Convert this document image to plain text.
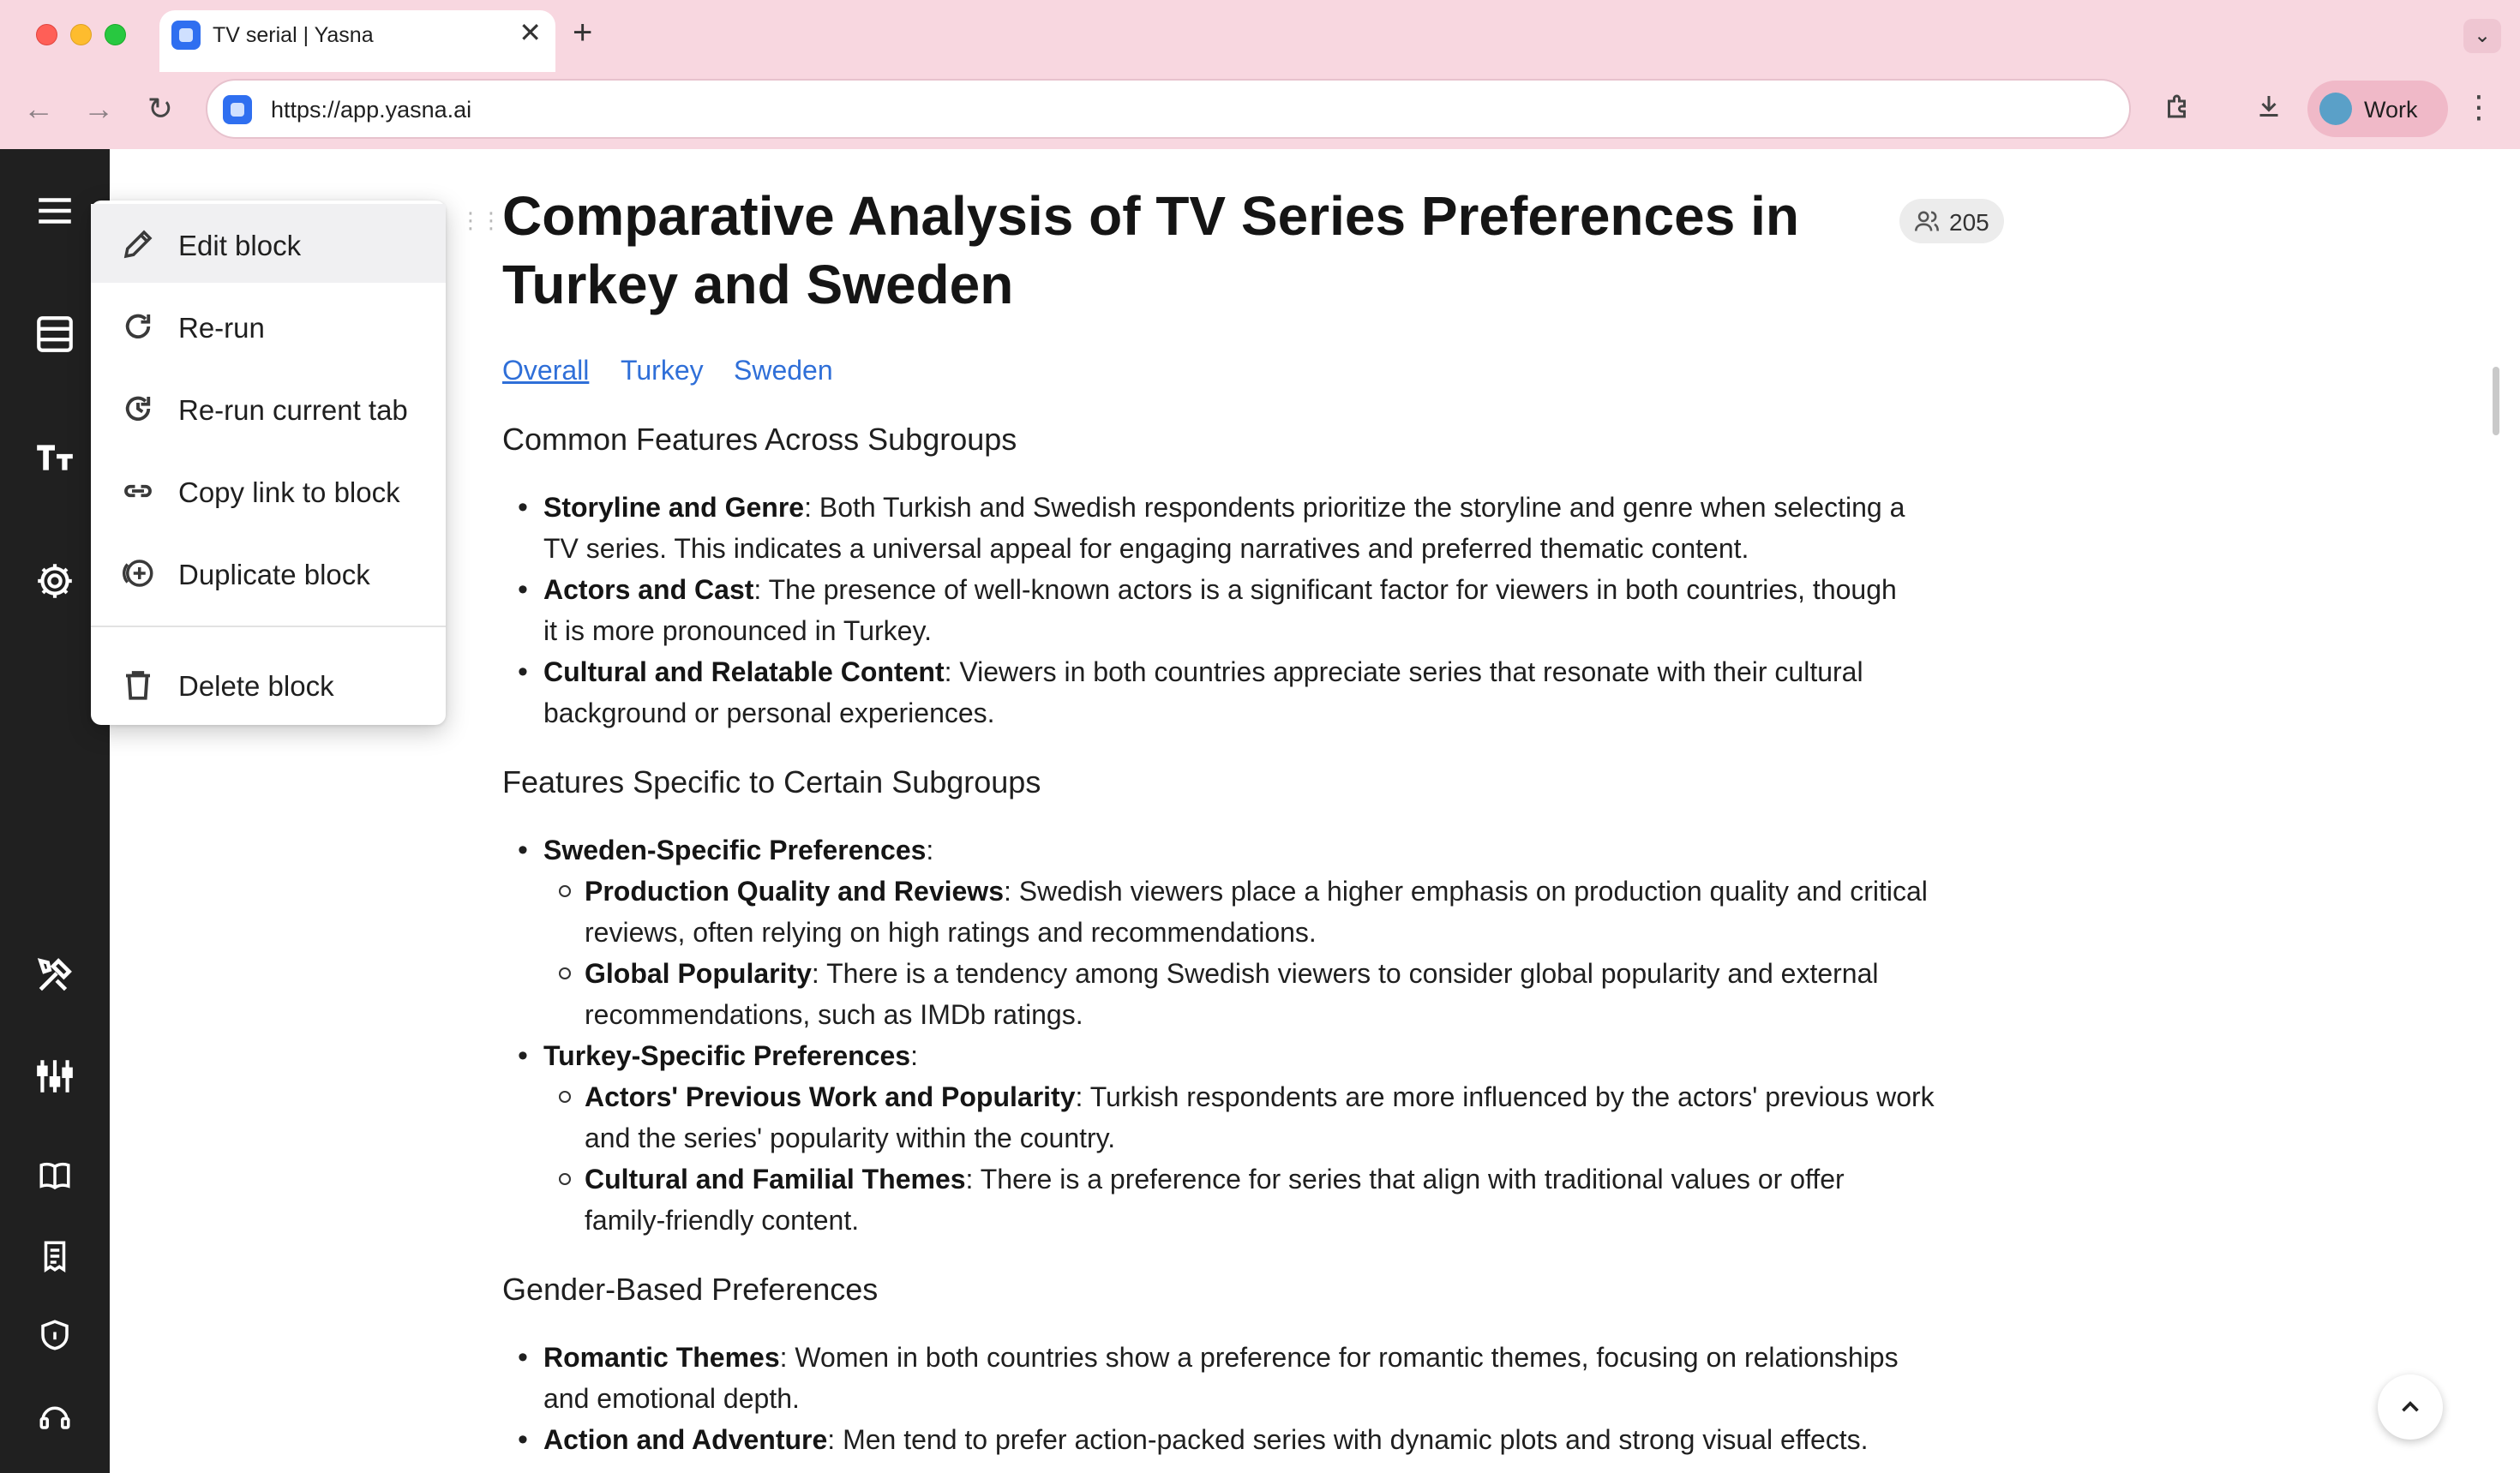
TV serial | Yasna	✕ +	⌄
← → ↻	https://app.yasna.ai	Work ⋮
⋮⋮
Edit block
Re-run
Re-run current tab
Copy link to block
Duplicate block
Delete block
Comparative Analysis of TV Series Preferences in Turkey and Sweden
205
Overall Turkey Sweden
Common Features Across Subgroups
• Storyline and Genre: Both Turkish and Swedish respondents prioritize the storyline and genre when selecting a
TV series. This indicates a universal appeal for engaging narratives and preferred thematic content.
• Actors and Cast: The presence of well-known actors is a significant factor for viewers in both countries, though
it is more pronounced in Turkey.
• Cultural and Relatable Content: Viewers in both countries appreciate series that resonate with their cultural
background or personal experiences.
Features Specific to Certain Subgroups
• Sweden-Specific Preferences:
Production Quality and Reviews: Swedish viewers place a higher emphasis on production quality and critical
reviews, often relying on high ratings and recommendations.
Global Popularity: There is a tendency among Swedish viewers to consider global popularity and external
recommendations, such as IMDb ratings.
• Turkey-Specific Preferences:
Actors' Previous Work and Popularity: Turkish respondents are more influenced by the actors' previous work
and the series' popularity within the country.
Cultural and Familial Themes: There is a preference for series that align with traditional values or offer
family-friendly content.
Gender-Based Preferences
• Romantic Themes: Women in both countries show a preference for romantic themes, focusing on relationships
and emotional depth.
• Action and Adventure: Men tend to prefer action-packed series with dynamic plots and strong visual effects.
